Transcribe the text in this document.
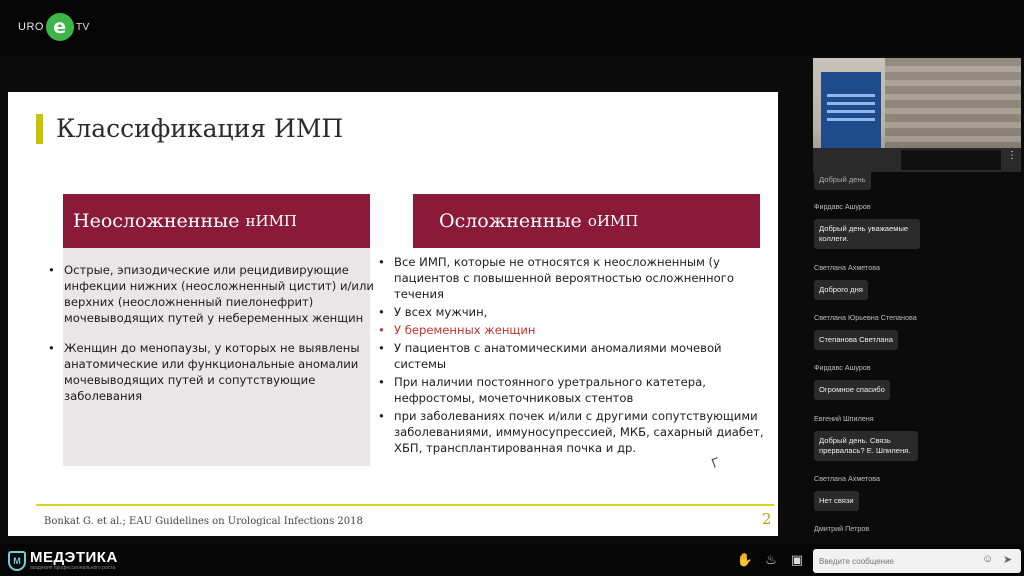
URO e TV
Классификация ИМП
Неосложненные нИМП	Осложненные оИМП
• Острые, эпизодические или рецидивирующие инфекции нижних (неосложненный цистит) и/или верхних (неосложненный пиелонефрит) мочевыводящих путей у небеременных женщин
• Женщин до менопаузы, у которых не выявлены анатомические или функциональные аномалии мочевыводящих путей и сопутствующие заболевания
• Все ИМП, которые не относятся к неосложненным (у пациентов с повышенной вероятностью осложненного течения
• У всех мужчин,
• У беременных женщин
• У пациентов с анатомическими аномалиями мочевой системы
• При наличии постоянного уретрального катетера, нефростомы, мочеточниковых стентов
• при заболеваниях почек и/или с другими сопутствующими заболеваниями, иммуносупрессией, МКБ, сахарный диабет, ХБП, трансплантированная почка и др.
Bonkat G. et al.; EAU Guidelines on Urological Infections 2018	2
⋮
Добрый день
Фирдавс Ашуров
Добрый день уважаемые коллеги.
Светлана Ахметова
Доброго дня
Светлана Юрьевна Степанова
Степанова Светлана
Фирдавс Ашуров
Огромное спасибо
Евгений Шпиленя
Добрый день. Связь прервалась? Е. Шпиленя.
Светлана Ахметова
Нет связи
Дмитрий Петров
M МЕДЭТИКА
академия профессионального роста
✋ ♨	▣
Введите сообщение	☺ ➤
